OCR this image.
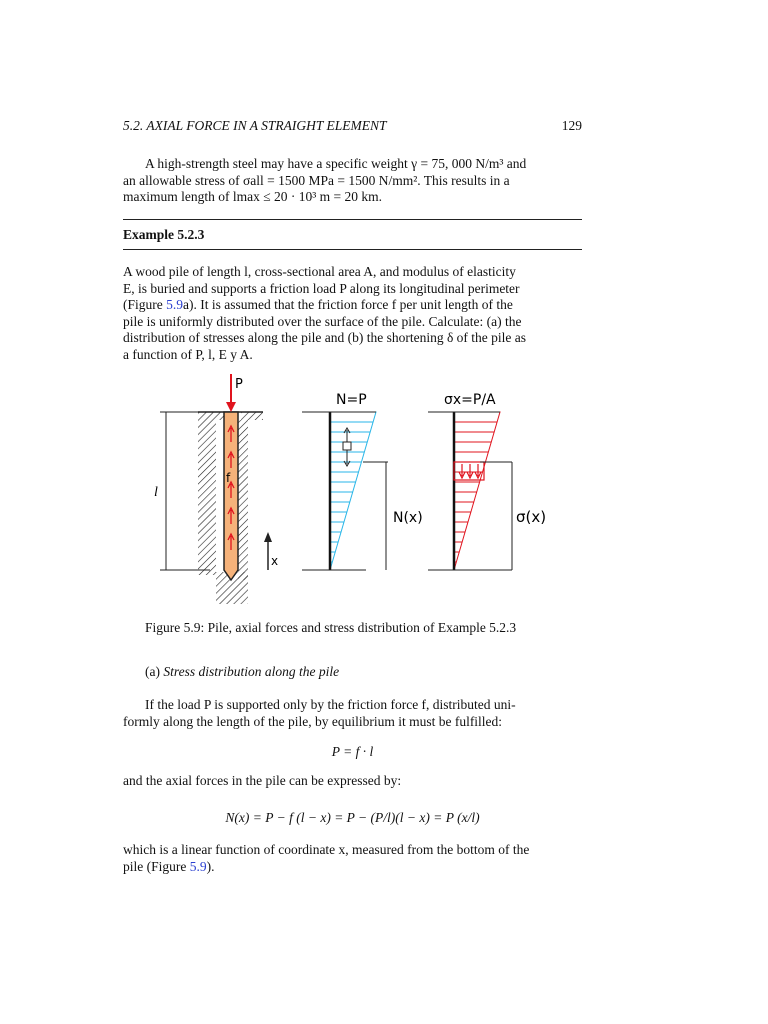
5.2. AXIAL FORCE IN A STRAIGHT ELEMENT	129

A high-strength steel may have a specific weight γ = 75, 000 N/m³ and

an allowable stress of σall = 1500 MPa = 1500 N/mm². This results in a

maximum length of lmax ≤ 20 · 10³ m = 20 km.

Example 5.2.3

A wood pile of length l, cross-sectional area A, and modulus of elasticity

E, is buried and supports a friction load P along its longitudinal perimeter

(Figure 5.9a). It is assumed that the friction force f per unit length of the

pile is uniformly distributed over the surface of the pile. Calculate: (a) the

distribution of stresses along the pile and (b) the shortening δ of the pile as

a function of P, l, E y A.

l
P
f
x
N=P
N(x)
σx=P/A
σ(x)
Figure 5.9: Pile, axial forces and stress distribution of Example 5.2.3
(a) Stress distribution along the pile

If the load P is supported only by the friction force f, distributed uni-

formly along the length of the pile, by equilibrium it must be fulfilled:

P = f · l

and the axial forces in the pile can be expressed by:

N(x) = P − f (l − x) = P − (P/l)(l − x) = P (x/l)

which is a linear function of coordinate x, measured from the bottom of the

pile (Figure 5.9).
